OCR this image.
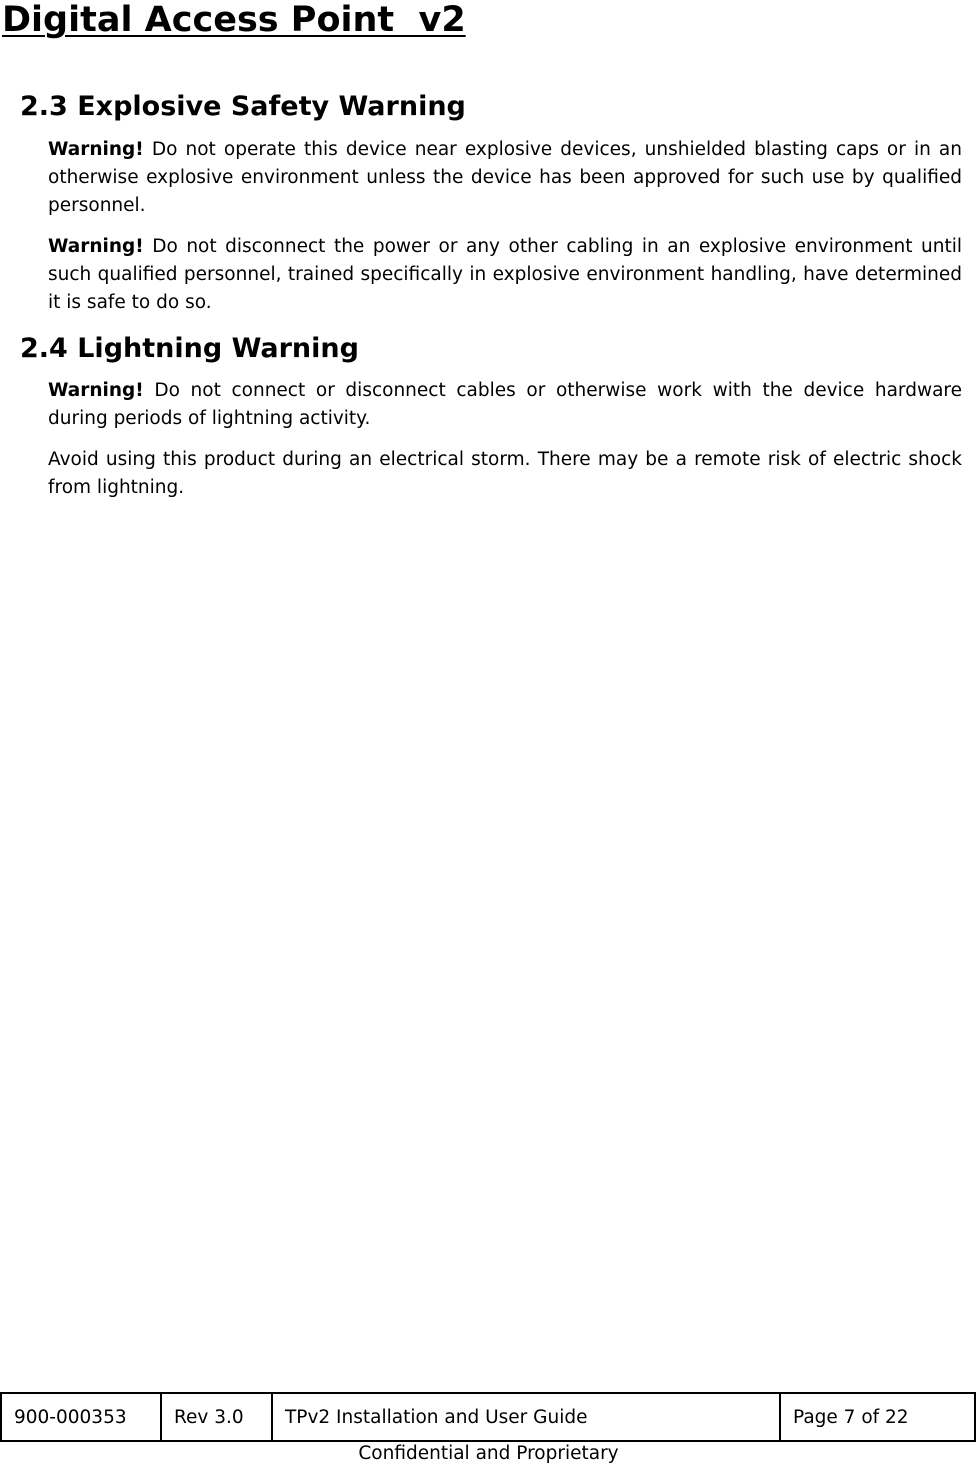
Digital Access Point  v2
2.3 Explosive Safety Warning

Warning! Do not operate this device near explosive devices, unshielded blasting caps or in an otherwise explosive environment unless the device has been approved for such use by qualified personnel.

Warning! Do not disconnect the power or any other cabling in an explosive environment until such qualified personnel, trained specifically in explosive environment handling, have determined it is safe to do so.

2.4 Lightning Warning

Warning! Do not connect or disconnect cables or otherwise work with the device hardware during periods of lightning activity.

Avoid using this product during an electrical storm. There may be a remote risk of electric shock from lightning.

900-000353	Rev 3.0	TPv2 Installation and User Guide	Page 7 of 22
Confidential and Proprietary
